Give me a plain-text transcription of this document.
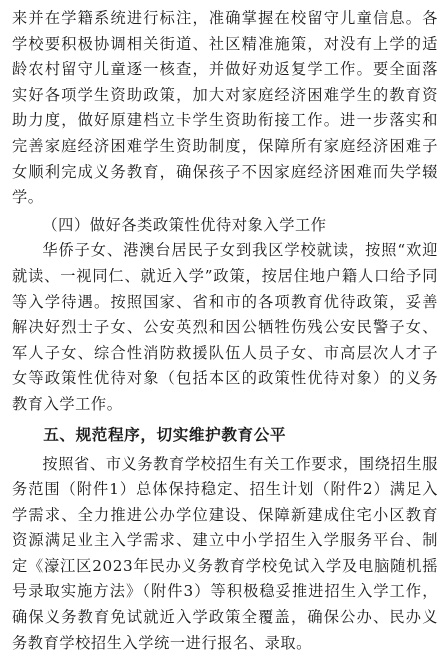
来并在学籍系统进行标注，准确掌握在校留守儿童信息。各学校要积极协调相关街道、社区精准施策，对没有上学的适龄农村留守儿童逐一核查，并做好劝返复学工作。要全面落实好各项学生资助政策，加大对家庭经济困难学生的教育资助力度，做好原建档立卡学生资助衔接工作。进一步落实和完善家庭经济困难学生资助制度，保障所有家庭经济困难子女顺利完成义务教育，确保孩子不因家庭经济困难而失学辍学。

（四）做好各类政策性优待对象入学工作

华侨子女、港澳台居民子女到我区学校就读，按照“欢迎就读、一视同仁、就近入学”政策，按居住地户籍人口给予同等入学待遇。按照国家、省和市的各项教育优待政策，妥善解决好烈士子女、公安英烈和因公牺牲伤残公安民警子女、军人子女、综合性消防救援队伍人员子女、市高层次人才子女等政策性优待对象（包括本区的政策性优待对象）的义务教育入学工作。

五、规范程序，切实维护教育公平

按照省、市义务教育学校招生有关工作要求，围绕招生服务范围（附件1）总体保持稳定、招生计划（附件2）满足入学需求、全力推进公办学位建设、保障新建成住宅小区教育资源满足业主入学需求、建立中小学招生入学服务平台、制定《濠江区2023年民办义务教育学校免试入学及电脑随机摇号录取实施方法》（附件3）等积极稳妥推进招生入学工作，确保义务教育免试就近入学政策全覆盖，确保公办、民办义务教育学校招生入学统一进行报名、录取。
